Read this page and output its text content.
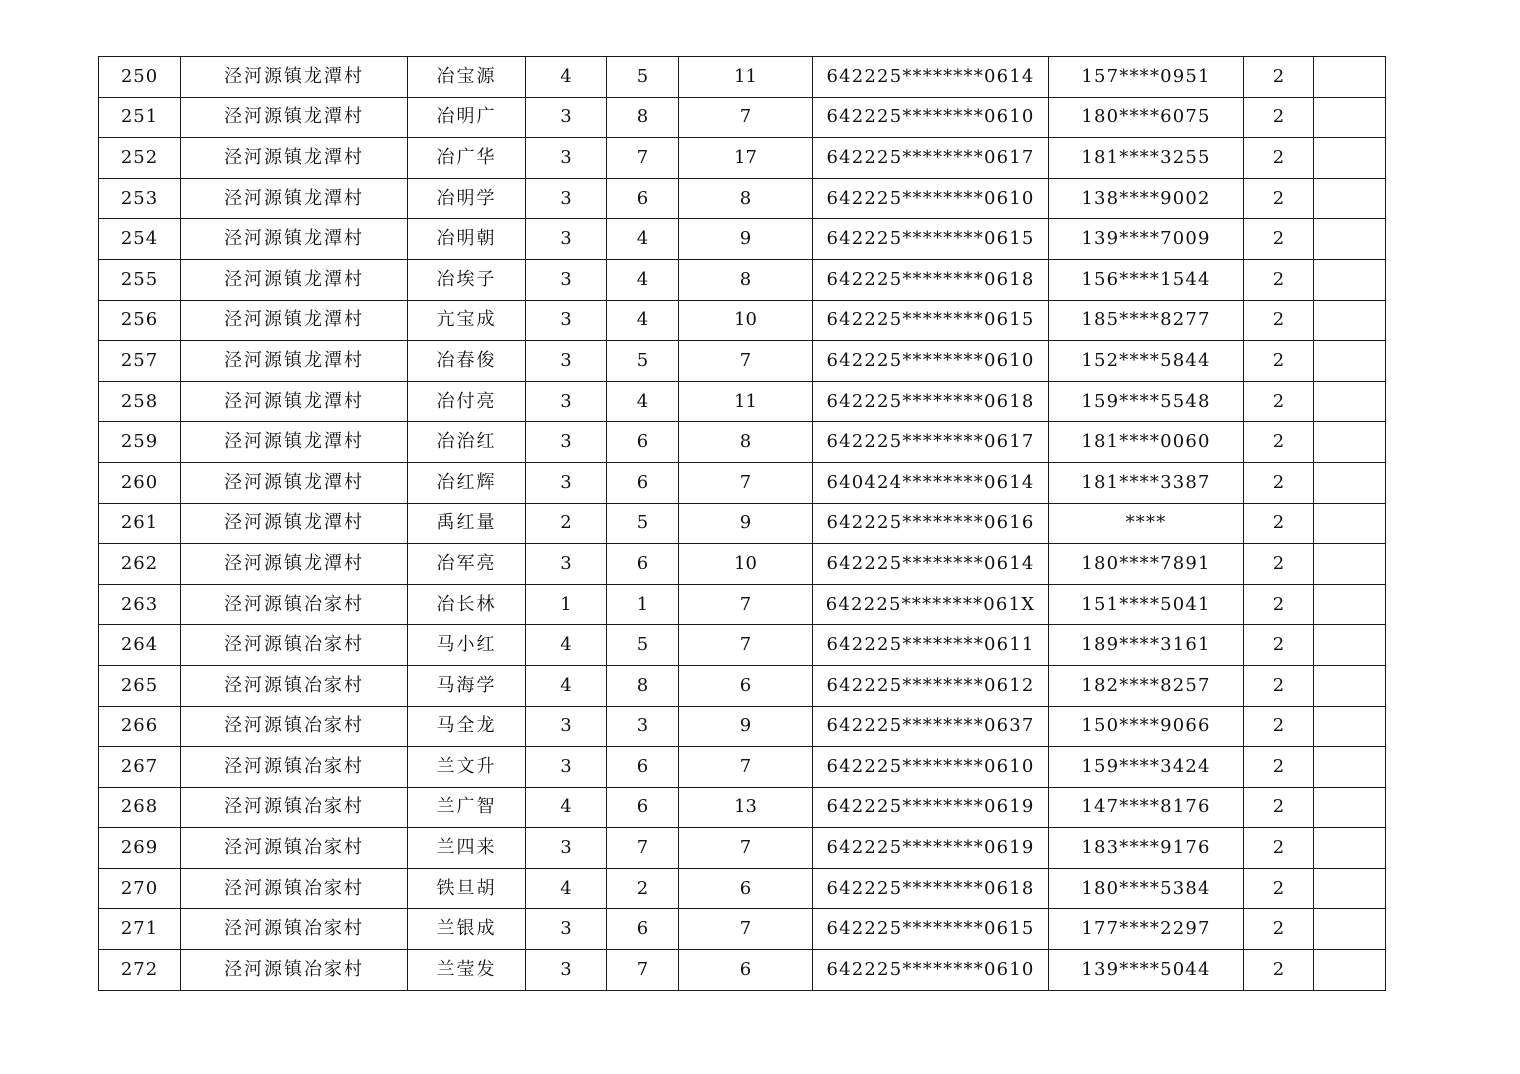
250	泾河源镇龙潭村	冶宝源	4	5	11	642225********0614	157****0951	2	
251	泾河源镇龙潭村	冶明广	3	8	7	642225********0610	180****6075	2	
252	泾河源镇龙潭村	冶广华	3	7	17	642225********0617	181****3255	2	
253	泾河源镇龙潭村	冶明学	3	6	8	642225********0610	138****9002	2	
254	泾河源镇龙潭村	冶明朝	3	4	9	642225********0615	139****7009	2	
255	泾河源镇龙潭村	冶埃子	3	4	8	642225********0618	156****1544	2	
256	泾河源镇龙潭村	亢宝成	3	4	10	642225********0615	185****8277	2	
257	泾河源镇龙潭村	冶春俊	3	5	7	642225********0610	152****5844	2	
258	泾河源镇龙潭村	冶付亮	3	4	11	642225********0618	159****5548	2	
259	泾河源镇龙潭村	冶治红	3	6	8	642225********0617	181****0060	2	
260	泾河源镇龙潭村	冶红辉	3	6	7	640424********0614	181****3387	2	
261	泾河源镇龙潭村	禹红量	2	5	9	642225********0616	****	2	
262	泾河源镇龙潭村	冶军亮	3	6	10	642225********0614	180****7891	2	
263	泾河源镇冶家村	冶长林	1	1	7	642225********061X	151****5041	2	
264	泾河源镇冶家村	马小红	4	5	7	642225********0611	189****3161	2	
265	泾河源镇冶家村	马海学	4	8	6	642225********0612	182****8257	2	
266	泾河源镇冶家村	马全龙	3	3	9	642225********0637	150****9066	2	
267	泾河源镇冶家村	兰文升	3	6	7	642225********0610	159****3424	2	
268	泾河源镇冶家村	兰广智	4	6	13	642225********0619	147****8176	2	
269	泾河源镇冶家村	兰四来	3	7	7	642225********0619	183****9176	2	
270	泾河源镇冶家村	铁旦胡	4	2	6	642225********0618	180****5384	2	
271	泾河源镇冶家村	兰银成	3	6	7	642225********0615	177****2297	2	
272	泾河源镇冶家村	兰莹发	3	7	6	642225********0610	139****5044	2	
